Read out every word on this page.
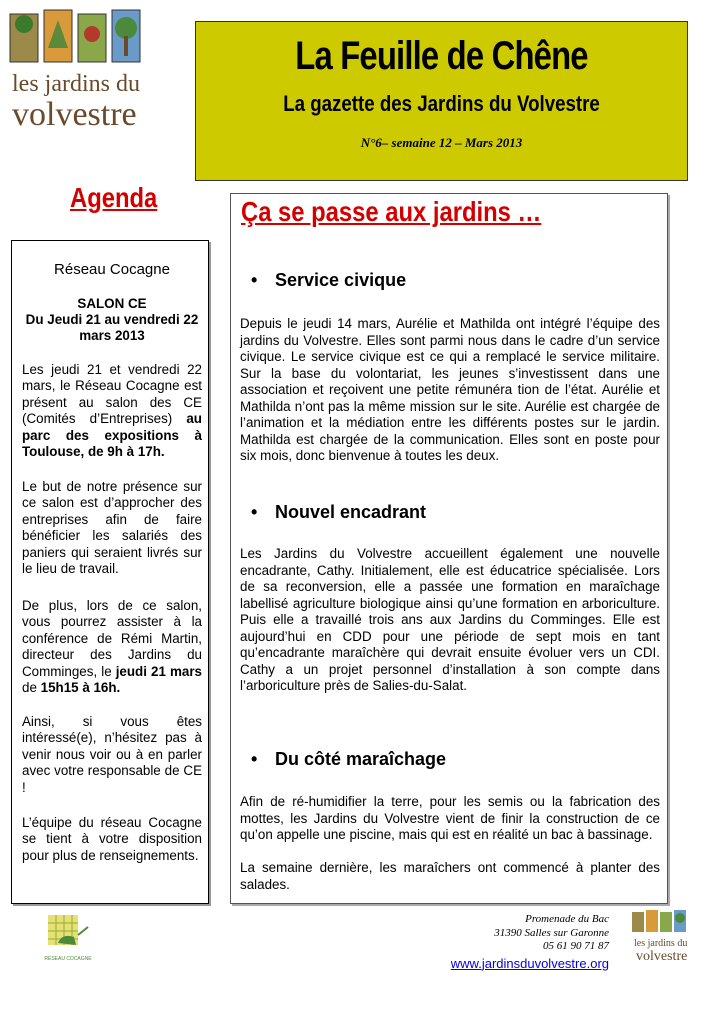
les jardins du
volvestre
La Feuille de Chêne

La gazette des Jardins du Volvestre

N°6– semaine 12 – Mars 2013

Agenda
Réseau Cocagne
SALON CE
Du Jeudi 21 au vendredi 22 mars 2013
Les jeudi 21 et vendredi 22 mars, le Réseau Cocagne est présent au salon des CE (Comités d’Entreprises) au parc des expositions à Toulouse, de 9h à 17h.
Le but de notre présence sur ce salon est d’approcher des entreprises afin de faire bénéficier les salariés des paniers qui seraient livrés sur le lieu de travail.
De plus, lors de ce salon, vous pourrez assister à la conférence de Rémi Martin, directeur des Jardins du Comminges, le jeudi 21 mars de 15h15 à 16h.
Ainsi, si vous êtes intéressé(e), n’hésitez pas à venir nous voir ou à en parler avec votre responsable de CE !
L’équipe du réseau Cocagne se tient à votre disposition pour plus de renseignements.
Ça se passe aux jardins …
• Service civique

Depuis le jeudi 14 mars, Aurélie et Mathilda ont intégré l’équipe des jardins du Volvestre. Elles sont parmi nous dans le cadre d’un service civique. Le service civique est ce qui a remplacé le service militaire. Sur la base du volontariat, les jeunes s’investissent dans une association et reçoivent une petite rémunéra tion de l’état. Aurélie et Mathilda n’ont pas la même mission sur le site. Aurélie est chargée de l’animation et la médiation entre les différents postes sur le jardin. Mathilda est chargée de la communication. Elles sont en poste pour six mois, donc bienvenue à toutes les deux.

• Nouvel encadrant

Les Jardins du Volvestre accueillent également une nouvelle encadrante, Cathy. Initialement, elle est éducatrice spécialisée. Lors de sa reconversion, elle a passée une formation en maraîchage labellisé agriculture biologique ainsi qu’une formation en arboriculture. Puis elle a travaillé trois ans aux Jardins du Comminges. Elle est aujourd’hui en CDD pour une période de sept mois en tant qu’encadrante maraîchère qui devrait ensuite évoluer vers un CDI. Cathy a un projet personnel d’installation à son compte dans l’arboriculture près de Salies-du-Salat.

• Du côté maraîchage

Afin de ré-humidifier la terre, pour les semis ou la fabrication des mottes, les Jardins du Volvestre vient de finir la construction de ce qu’on appelle une piscine, mais qui est en réalité un bac à bassinage.

La semaine dernière, les maraîchers ont commencé à planter des salades.

RÉSEAU COCAGNE
Promenade du Bac
31390 Salles sur Garonne
05 61 90 71 87
www.jardinsduvolvestre.org
les jardins du
volvestre
